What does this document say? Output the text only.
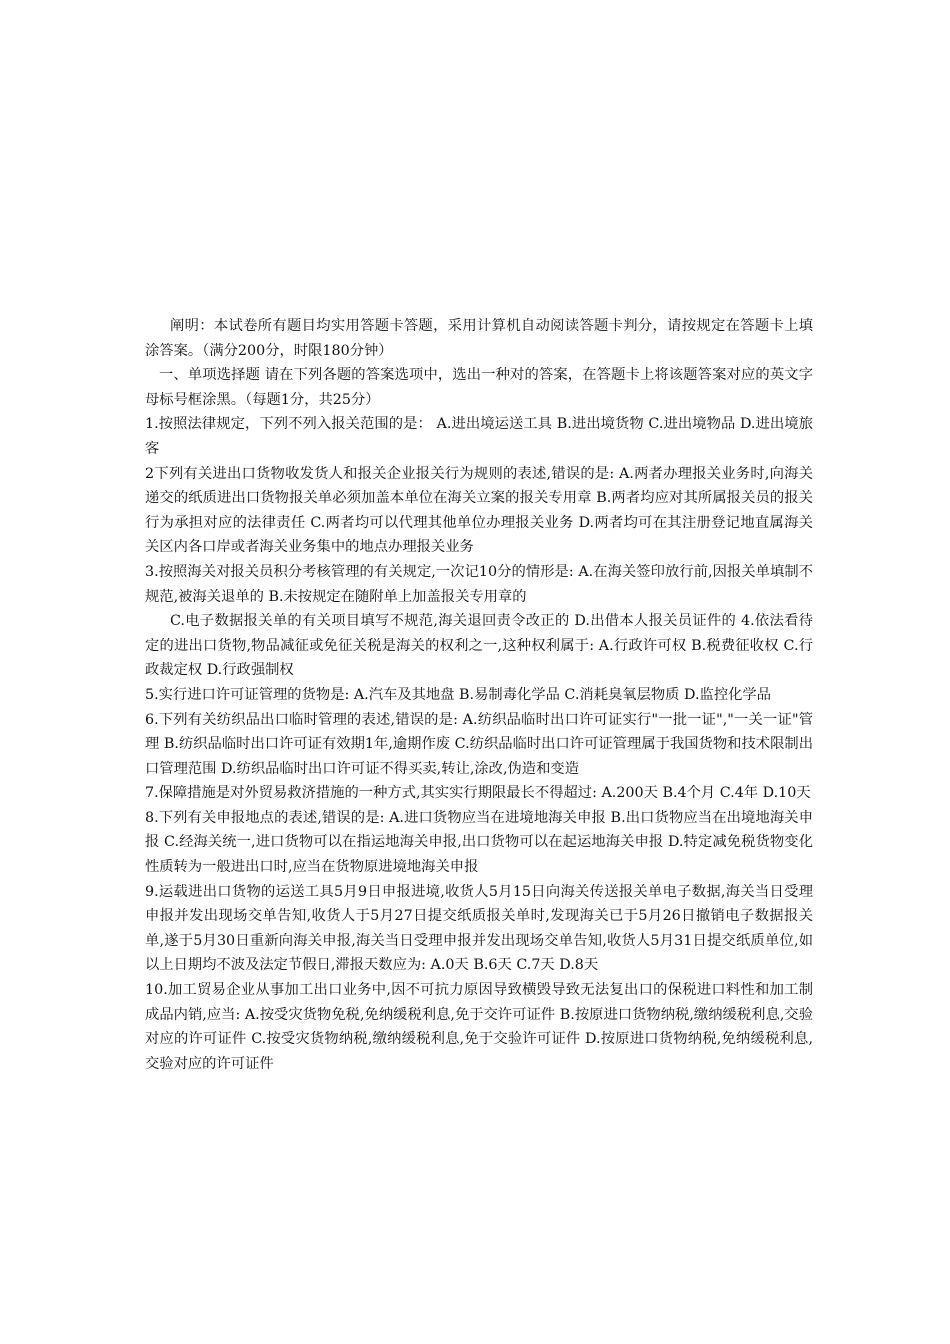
阐明：本试卷所有题目均实用答题卡答题，采用计算机自动阅读答题卡判分，请按规定在答题卡上填涂答案。（满分200分，时限180分钟）

一、单项选择题 请在下列各题的答案选项中，选出一种对的答案，在答题卡上将该题答案对应的英文字母标号框涂黑。（每题1分，共25分）

1.按照法律规定，下列不列入报关范围的是： A.进出境运送工具 B.进出境货物 C.进出境物品 D.进出境旅客

2下列有关进出口货物收发货人和报关企业报关行为规则的表述,错误的是: A.两者办理报关业务时,向海关递交的纸质进出口货物报关单必须加盖本单位在海关立案的报关专用章 B.两者均应对其所属报关员的报关行为承担对应的法律责任 C.两者均可以代理其他单位办理报关业务 D.两者均可在其注册登记地直属海关关区内各口岸或者海关业务集中的地点办理报关业务

3.按照海关对报关员积分考核管理的有关规定,一次记10分的情形是: A.在海关签印放行前,因报关单填制不规范,被海关退单的 B.未按规定在随附单上加盖报关专用章的

C.电子数据报关单的有关项目填写不规范,海关退回责令改正的 D.出借本人报关员证件的 4.依法看待定的进出口货物,物品减征或免征关税是海关的权利之一,这种权利属于: A.行政许可权 B.税费征收权 C.行政裁定权 D.行政强制权

5.实行进口许可证管理的货物是: A.汽车及其地盘 B.易制毒化学品 C.消耗臭氧层物质 D.监控化学品

6.下列有关纺织品出口临时管理的表述,错误的是: A.纺织品临时出口许可证实行"一批一证","一关一证"管理 B.纺织品临时出口许可证有效期1年,逾期作废 C.纺织品临时出口许可证管理属于我国货物和技术限制出口管理范围 D.纺织品临时出口许可证不得买卖,转让,涂改,伪造和变造

7.保障措施是对外贸易救济措施的一种方式,其实实行期限最长不得超过: A.200天 B.4个月 C.4年 D.10天

8.下列有关申报地点的表述,错误的是: A.进口货物应当在进境地海关申报 B.出口货物应当在出境地海关申报 C.经海关统一,进口货物可以在指运地海关申报,出口货物可以在起运地海关申报 D.特定减免税货物变化性质转为一般进出口时,应当在货物原进境地海关申报

9.运载进出口货物的运送工具5月9日申报进境,收货人5月15日向海关传送报关单电子数据,海关当日受理申报并发出现场交单告知,收货人于5月27日提交纸质报关单时,发现海关已于5月26日撤销电子数据报关单,遂于5月30日重新向海关申报,海关当日受理申报并发出现场交单告知,收货人5月31日提交纸质单位,如以上日期均不波及法定节假日,滞报天数应为: A.0天 B.6天 C.7天 D.8天

10.加工贸易企业从事加工出口业务中,因不可抗力原因导致横毁导致无法复出口的保税进口料性和加工制成品内销,应当: A.按受灾货物免税,免纳缓税利息,免于交许可证件 B.按原进口货物纳税,缴纳缓税利息,交验对应的许可证件 C.按受灾货物纳税,缴纳缓税利息,免于交验许可证件 D.按原进口货物纳税,免纳缓税利息,交验对应的许可证件
